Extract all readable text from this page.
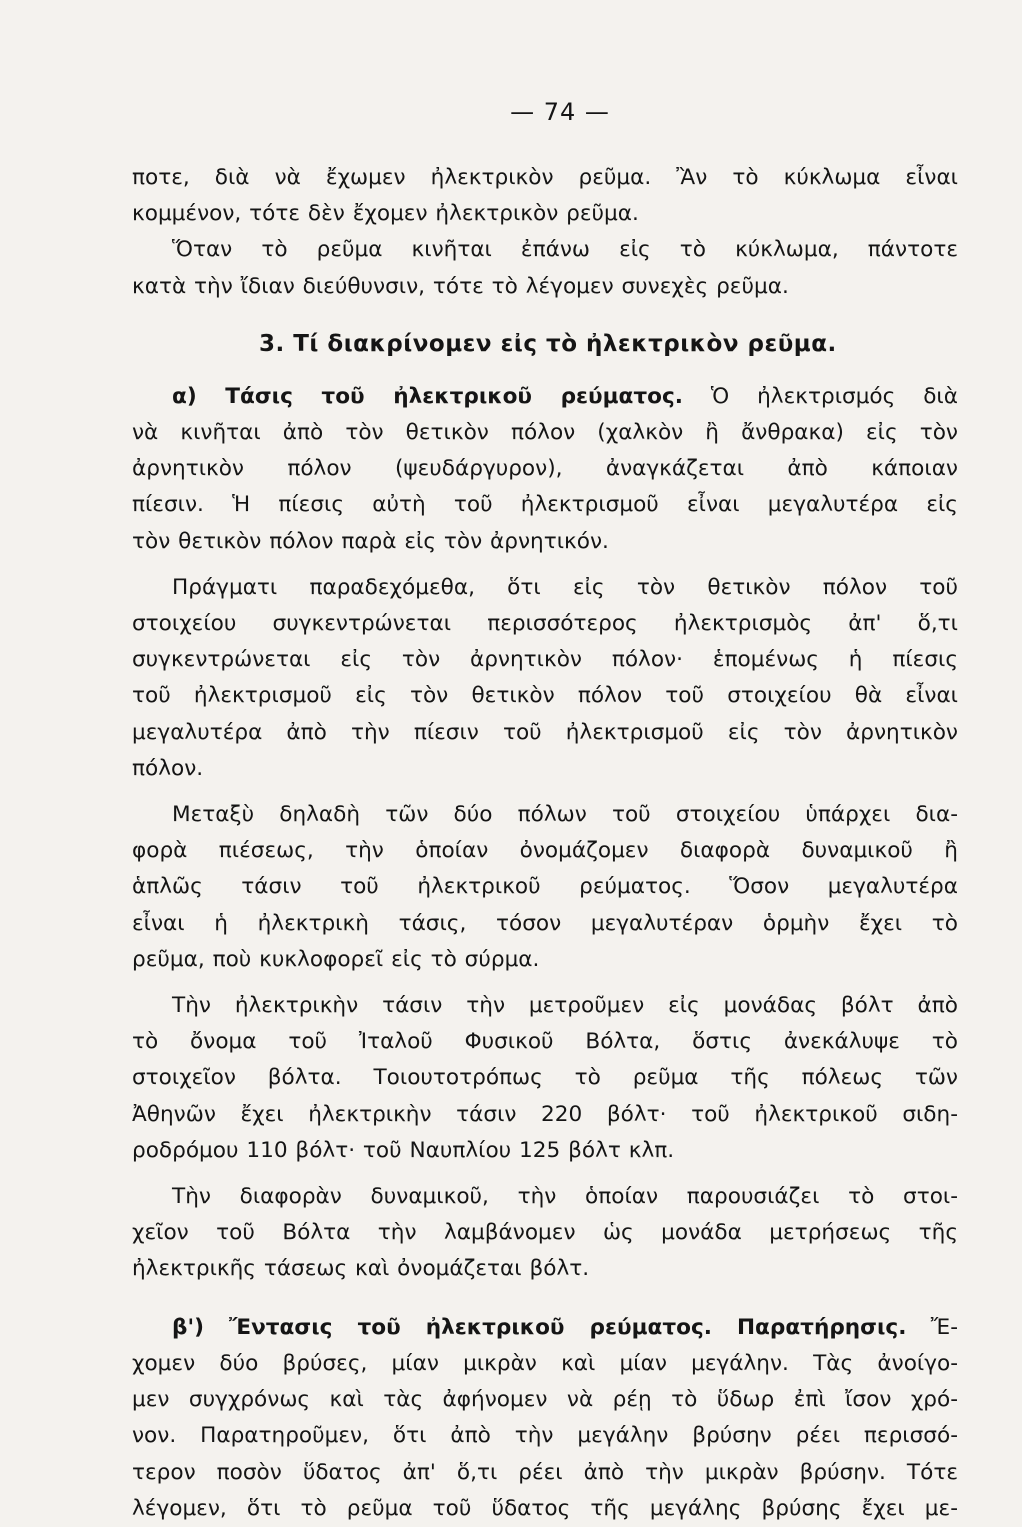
— 74 —

ποτε, διὰ νὰ ἔχωμεν ἠλεκτρικὸν ρεῦμα. Ἂν τὸ κύκλωμα εἶναι
κομμένον, τότε δὲν ἔχομεν ἠλεκτρικὸν ρεῦμα.

Ὅταν τὸ ρεῦμα κινῆται ἐπάνω εἰς τὸ κύκλωμα, πάντοτε
κατὰ τὴν ἴδιαν διεύθυνσιν, τότε τὸ λέγομεν συνεχὲς ρεῦμα.

3. Τί διακρίνομεν εἰς τὸ ἠλεκτρικὸν ρεῦμα.

α) Τάσις τοῦ ἠλεκτρικοῦ ρεύματος. Ὁ ἠλεκτρισμός διὰ
νὰ κινῆται ἀπὸ τὸν θετικὸν πόλον (χαλκὸν ἢ ἄνθρακα) εἰς τὸν
ἀρνητικὸν πόλον (ψευδάργυρον), ἀναγκάζεται ἀπὸ κάποιαν
πίεσιν. Ἡ πίεσις αὐτὴ τοῦ ἠλεκτρισμοῦ εἶναι μεγαλυτέρα εἰς
τὸν θετικὸν πόλον παρὰ εἰς τὸν ἀρνητικόν.

Πράγματι παραδεχόμεθα, ὅτι εἰς τὸν θετικὸν πόλον τοῦ
στοιχείου συγκεντρώνεται περισσότερος ἠλεκτρισμὸς ἀπ' ὅ,τι
συγκεντρώνεται εἰς τὸν ἀρνητικὸν πόλον· ἑπομένως ἡ πίεσις
τοῦ ἠλεκτρισμοῦ εἰς τὸν θετικὸν πόλον τοῦ στοιχείου θὰ εἶναι
μεγαλυτέρα ἀπὸ τὴν πίεσιν τοῦ ἠλεκτρισμοῦ εἰς τὸν ἀρνητικὸν
πόλον.

Μεταξὺ δηλαδὴ τῶν δύο πόλων τοῦ στοιχείου ὑπάρχει δια-
φορὰ πιέσεως, τὴν ὁποίαν ὀνομάζομεν διαφορὰ δυναμικοῦ ἢ
ἁπλῶς τάσιν τοῦ ἠλεκτρικοῦ ρεύματος. Ὅσον μεγαλυτέρα
εἶναι ἡ ἠλεκτρικὴ τάσις, τόσον μεγαλυτέραν ὁρμὴν ἔχει τὸ
ρεῦμα, ποὺ κυκλοφορεῖ εἰς τὸ σύρμα.

Τὴν ἠλεκτρικὴν τάσιν τὴν μετροῦμεν εἰς μονάδας βόλτ ἀπὸ
τὸ ὄνομα τοῦ Ἰταλοῦ Φυσικοῦ Βόλτα, ὅστις ἀνεκάλυψε τὸ
στοιχεῖον βόλτα. Τοιουτοτρόπως τὸ ρεῦμα τῆς πόλεως τῶν
Ἀθηνῶν ἔχει ἠλεκτρικὴν τάσιν 220 βόλτ· τοῦ ἠλεκτρικοῦ σιδη-
ροδρόμου 110 βόλτ· τοῦ Ναυπλίου 125 βόλτ κλπ.

Τὴν διαφορὰν δυναμικοῦ, τὴν ὁποίαν παρουσιάζει τὸ στοι-
χεῖον τοῦ Βόλτα τὴν λαμβάνομεν ὡς μονάδα μετρήσεως τῆς
ἠλεκτρικῆς τάσεως καὶ ὀνομάζεται βόλτ.

β') Ἔντασις τοῦ ἠλεκτρικοῦ ρεύματος. Παρατήρησις. Ἔ-
χομεν δύο βρύσες, μίαν μικρὰν καὶ μίαν μεγάλην. Τὰς ἀνοίγο-
μεν συγχρόνως καὶ τὰς ἀφήνομεν νὰ ρέῃ τὸ ὕδωρ ἐπὶ ἴσον χρό-
νον. Παρατηροῦμεν, ὅτι ἀπὸ τὴν μεγάλην βρύσην ρέει περισσό-
τερον ποσὸν ὕδατος ἀπ' ὅ,τι ρέει ἀπὸ τὴν μικρὰν βρύσην. Τότε
λέγομεν, ὅτι τὸ ρεῦμα τοῦ ὕδατος τῆς μεγάλης βρύσης ἔχει με-
